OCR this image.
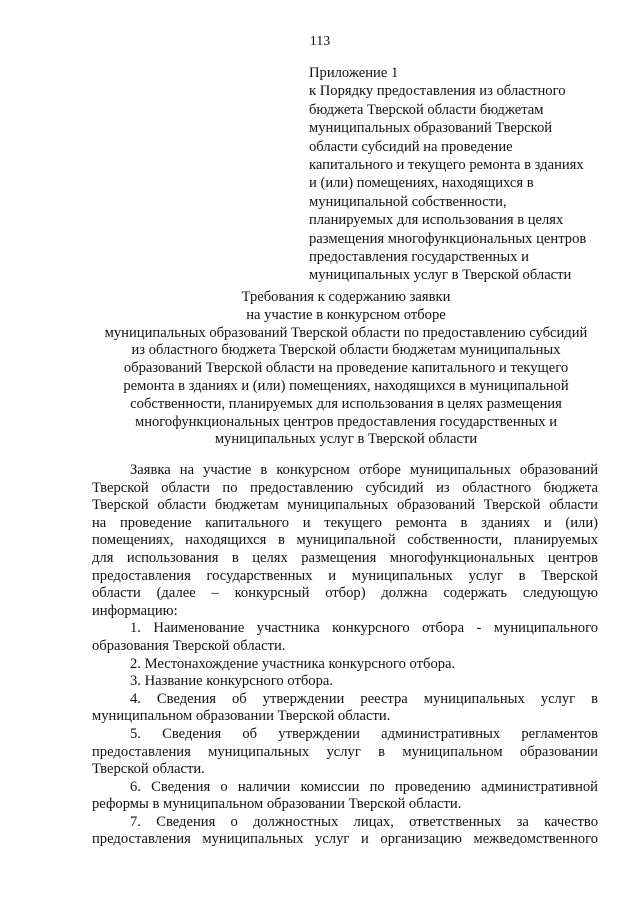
113
Приложение 1
к Порядку предоставления из областного
бюджета Тверской области бюджетам
муниципальных образований Тверской
области субсидий на проведение
капитального и текущего ремонта в зданиях
и (или) помещениях, находящихся в
муниципальной собственности,
планируемых для использования в целях
размещения многофункциональных центров
предоставления государственных и
муниципальных услуг в Тверской области
Требования к содержанию заявки
на участие в конкурсном отборе
муниципальных образований Тверской области по предоставлению субсидий
из областного бюджета Тверской области бюджетам муниципальных
образований Тверской области на проведение капитального и текущего
ремонта в зданиях и (или) помещениях, находящихся в муниципальной
собственности, планируемых для использования в целях размещения
многофункциональных центров предоставления государственных и
муниципальных услуг в Тверской области
Заявка на участие в конкурсном отборе муниципальных образований
Тверской области по предоставлению субсидий из областного бюджета
Тверской области бюджетам муниципальных образований Тверской области
на проведение капитального и текущего ремонта в зданиях и (или)
помещениях, находящихся в муниципальной собственности, планируемых
для использования в целях размещения многофункциональных центров
предоставления государственных и муниципальных услуг в Тверской
области (далее – конкурсный отбор) должна содержать следующую
информацию:
1. Наименование участника конкурсного отбора - муниципального
образования Тверской области.
2. Местонахождение участника конкурсного отбора.
3. Название конкурсного отбора.
4. Сведения об утверждении реестра муниципальных услуг в
муниципальном образовании Тверской области.
5. Сведения об утверждении административных регламентов
предоставления муниципальных услуг в муниципальном образовании
Тверской области.
6. Сведения о наличии комиссии по проведению административной
реформы в муниципальном образовании Тверской области.
7. Сведения о должностных лицах, ответственных за качество
предоставления муниципальных услуг и организацию межведомственного
